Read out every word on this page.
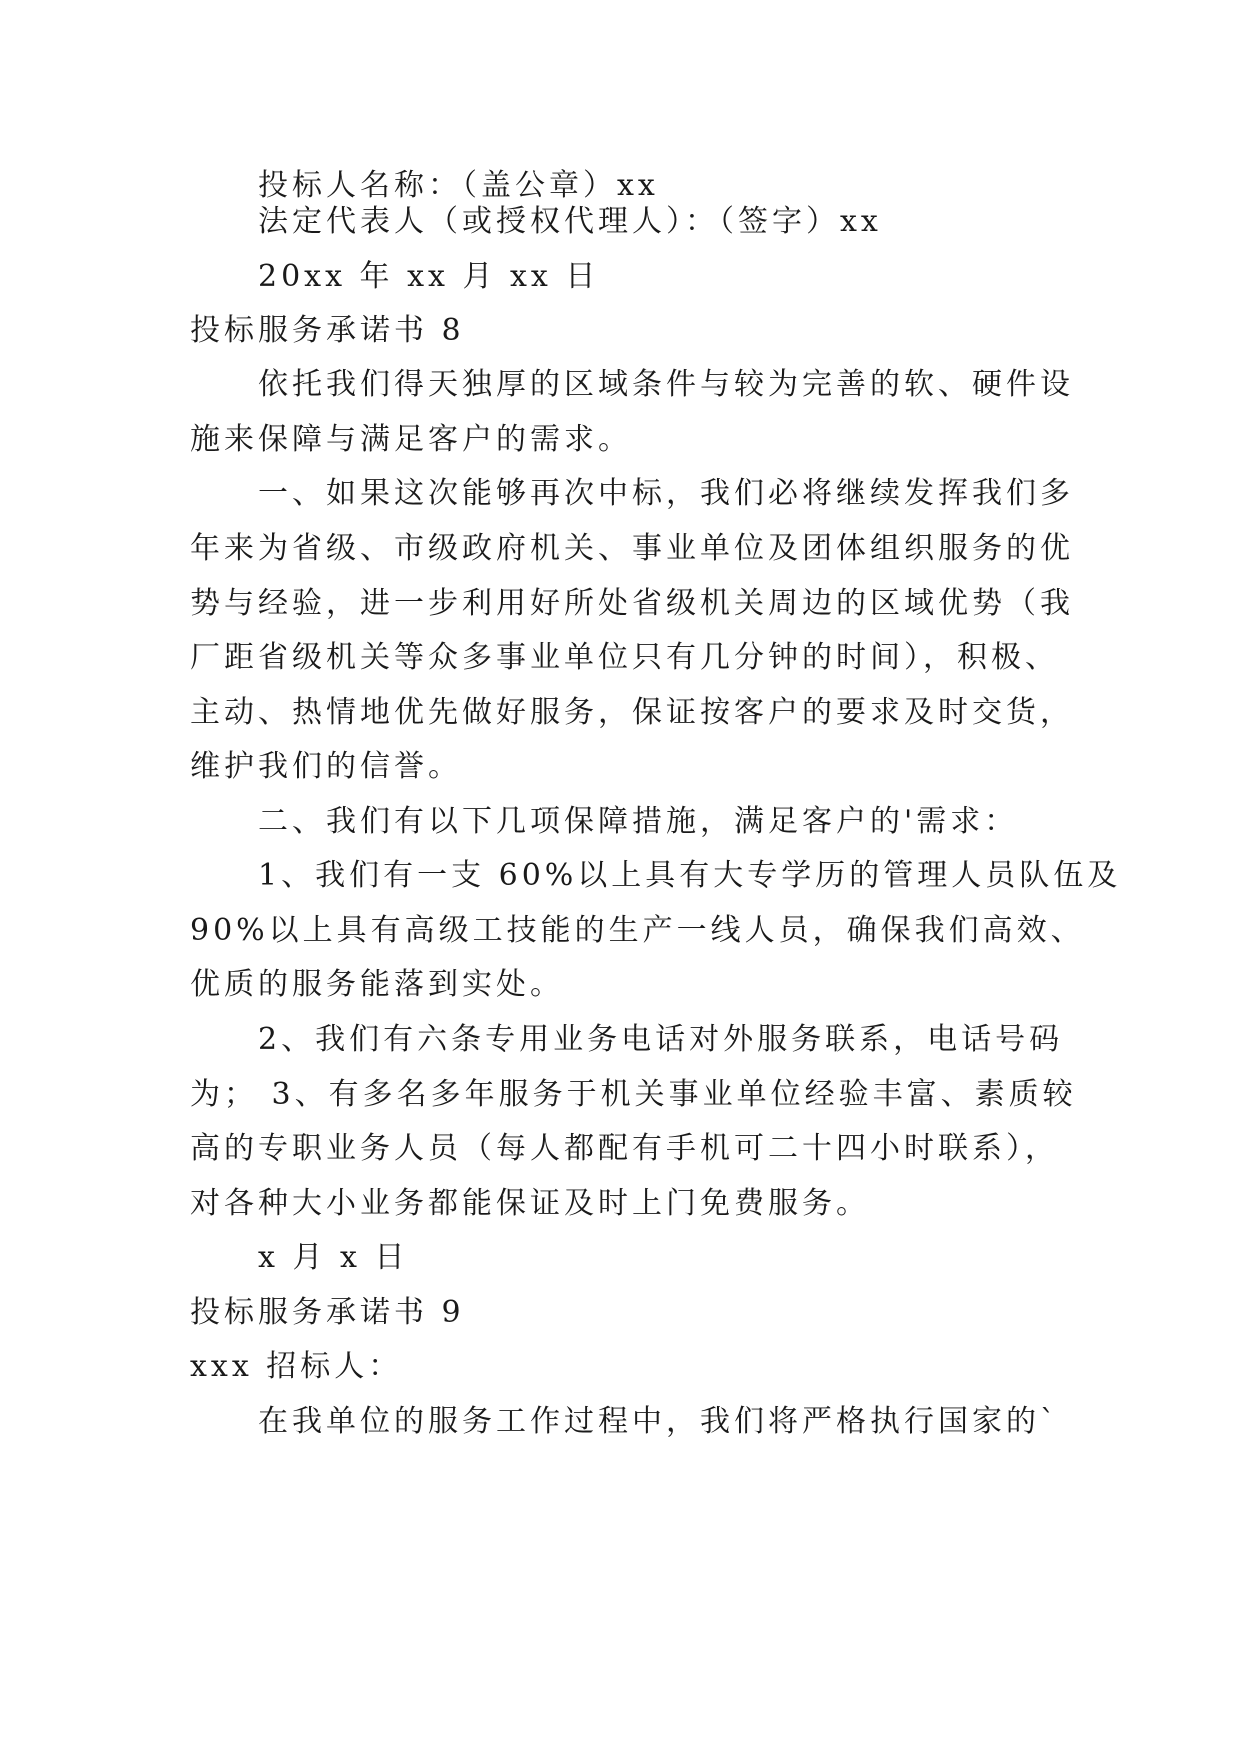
投标人名称：（盖公章）xx
法定代表人（或授权代理人）：（签字）xx
20xx 年 xx 月 xx 日
投标服务承诺书 8
依托我们得天独厚的区域条件与较为完善的软、硬件设
施来保障与满足客户的需求。
一、如果这次能够再次中标，我们必将继续发挥我们多
年来为省级、市级政府机关、事业单位及团体组织服务的优
势与经验，进一步利用好所处省级机关周边的区域优势（我
厂距省级机关等众多事业单位只有几分钟的时间），积极、
主动、热情地优先做好服务，保证按客户的要求及时交货，
维护我们的信誉。
二、我们有以下几项保障措施，满足客户的'需求：
1、我们有一支 60%以上具有大专学历的管理人员队伍及
90%以上具有高级工技能的生产一线人员，确保我们高效、
优质的服务能落到实处。
2、我们有六条专用业务电话对外服务联系，电话号码
为； 3、有多名多年服务于机关事业单位经验丰富、素质较
高的专职业务人员（每人都配有手机可二十四小时联系），
对各种大小业务都能保证及时上门免费服务。
x 月 x 日
投标服务承诺书 9
xxx 招标人：
在我单位的服务工作过程中，我们将严格执行国家的`
